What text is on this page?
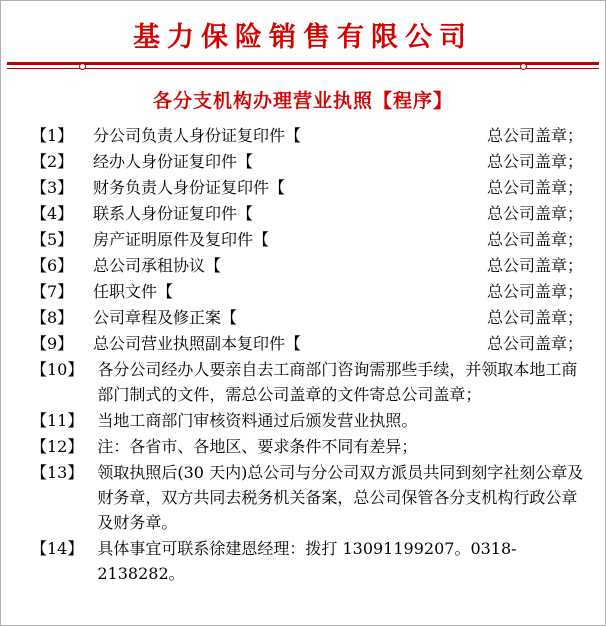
基力保险销售有限公司
各分支机构办理营业执照【程序】
【1】	分公司负责人身份证复印件【	总公司盖章；
【2】	经办人身份证复印件【	总公司盖章；
【3】	财务负责人身份证复印件【	总公司盖章；
【4】	联系人身份证复印件【	总公司盖章；
【5】	房产证明原件及复印件【	总公司盖章；
【6】	总公司承租协议【	总公司盖章；
【7】	任职文件【	总公司盖章；
【8】	公司章程及修正案【	总公司盖章；
【9】	总公司营业执照副本复印件【	总公司盖章；
【10】 各分公司经办人要亲自去工商部门咨询需那些手续，并领取本地工商部门制式的文件，需总公司盖章的文件寄总公司盖章；
【11】 当地工商部门审核资料通过后颁发营业执照。
【12】 注：各省市、各地区、要求条件不同有差异；
【13】 领取执照后(30 天内)总公司与分公司双方派员共同到刻字社刻公章及财务章，双方共同去税务机关备案，总公司保管各分支机构行政公章及财务章。
【14】 具体事宜可联系徐建恩经理：拨打 13091199207。0318-2138282。
